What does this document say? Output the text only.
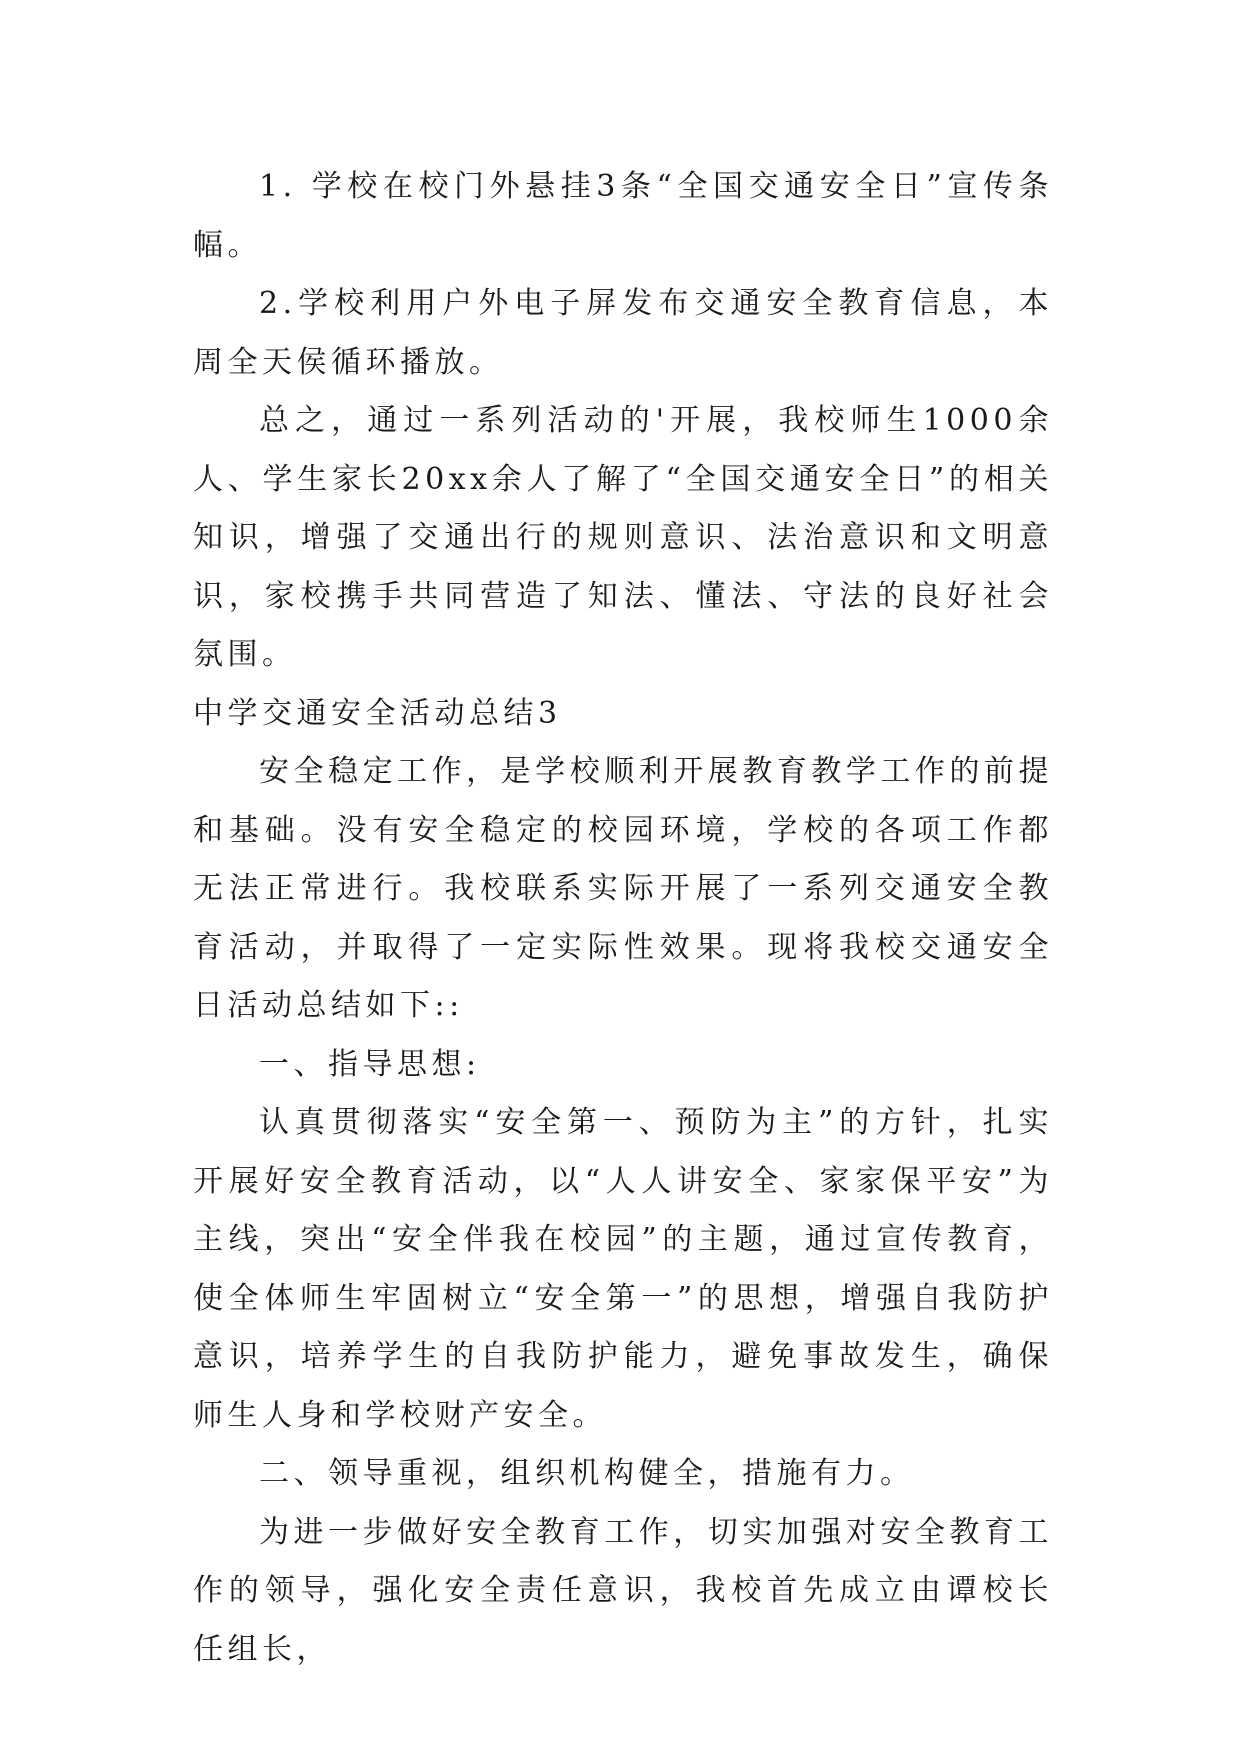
1. 学校在校门外悬挂3条“全国交通安全日”宣传条幅。

2.学校利用户外电子屏发布交通安全教育信息，本周全天侯循环播放。

总之，通过一系列活动的'开展，我校师生1000余人、学生家长20xx余人了解了“全国交通安全日”的相关知识，增强了交通出行的规则意识、法治意识和文明意识，家校携手共同营造了知法、懂法、守法的良好社会氛围。

中学交通安全活动总结3

安全稳定工作，是学校顺利开展教育教学工作的前提和基础。没有安全稳定的校园环境，学校的各项工作都无法正常进行。我校联系实际开展了一系列交通安全教育活动，并取得了一定实际性效果。现将我校交通安全日活动总结如下::

一、指导思想:

认真贯彻落实“安全第一、预防为主”的方针，扎实开展好安全教育活动，以“人人讲安全、家家保平安”为主线，突出“安全伴我在校园”的主题，通过宣传教育，使全体师生牢固树立“安全第一”的思想，增强自我防护意识，培养学生的自我防护能力，避免事故发生，确保师生人身和学校财产安全。

二、领导重视，组织机构健全，措施有力。

为进一步做好安全教育工作，切实加强对安全教育工作的领导，强化安全责任意识，我校首先成立由谭校长任组长，
